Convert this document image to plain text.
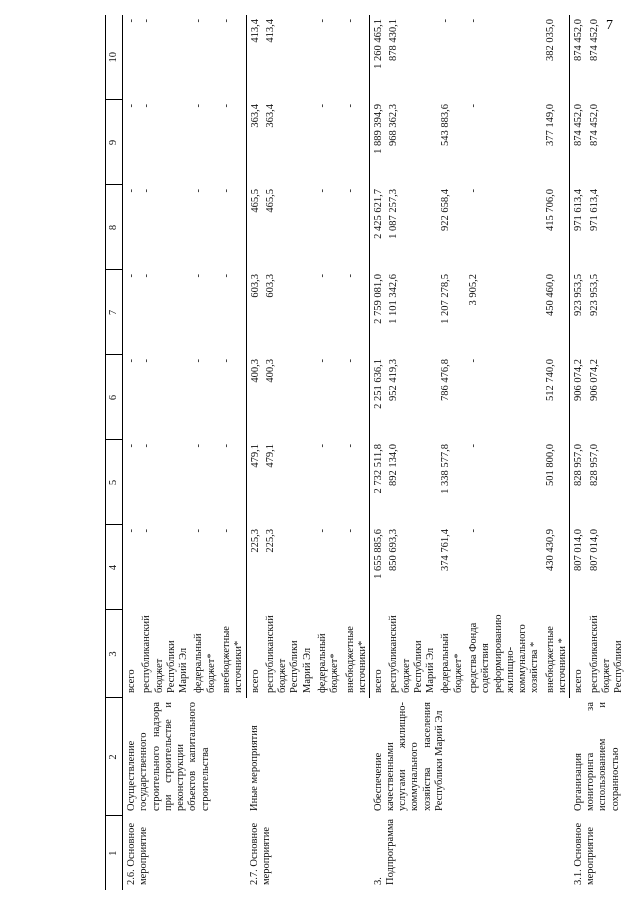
7
1	2	3	4	5	6	7	8	9	10
2.6. Основное мероприятие	Осуществление государственного строительного надзора при строительстве и реконструкции объектов капитального строительства	всего	-	-	-	-	-	-	-
		республиканский бюджет Республики Марий Эл	-	-	-	-	-	-	-
		федеральный бюджет*	-	-	-	-	-	-	-
		внебюджетные источники*	-	-	-	-	-	-	-
2.7. Основное мероприятие	Иные мероприятия	всего	225,3	479,1	400,3	603,3	465,5	363,4	413,4
		республиканский бюджет Республики Марий Эл	225,3	479,1	400,3	603,3	465,5	363,4	413,4
		федеральный бюджет*	-	-	-	-	-	-	-
		внебюджетные источники*	-	-	-	-	-	-	-
3. Подпрограмма	Обеспечение качественными услугами жилищно-коммунального хозяйства населения Республики Марий Эл	всего	1 655 885,6	2 732 511,8	2 251 636,1	2 759 081,0	2 425 621,7	1 889 394,9	1 260 465,1
		республиканский бюджет Республики Марий Эл	850 693,3	892 134,0	952 419,3	1 101 342,6	1 087 257,3	968 362,3	878 430,1
		федеральный бюджет*	374 761,4	1 338 577,8	786 476,8	1 207 278,5	922 658,4	543 883,6	-
		средства Фонда содействия реформированию жилищно-коммунального хозяйства *	-	-	-	3 905,2	-	-	-
		внебюджетные источники *	430 430,9	501 800,0	512 740,0	450 460,0	415 706,0	377 149,0	382 035,0
3.1. Основное мероприятие	Организация мониторинга за использованием и сохранностью	всего	807 014,0	828 957,0	906 074,2	923 953,5	971 613,4	874 452,0	874 452,0
		республиканский бюджет Республики	807 014,0	828 957,0	906 074,2	923 953,5	971 613,4	874 452,0	874 452,0
